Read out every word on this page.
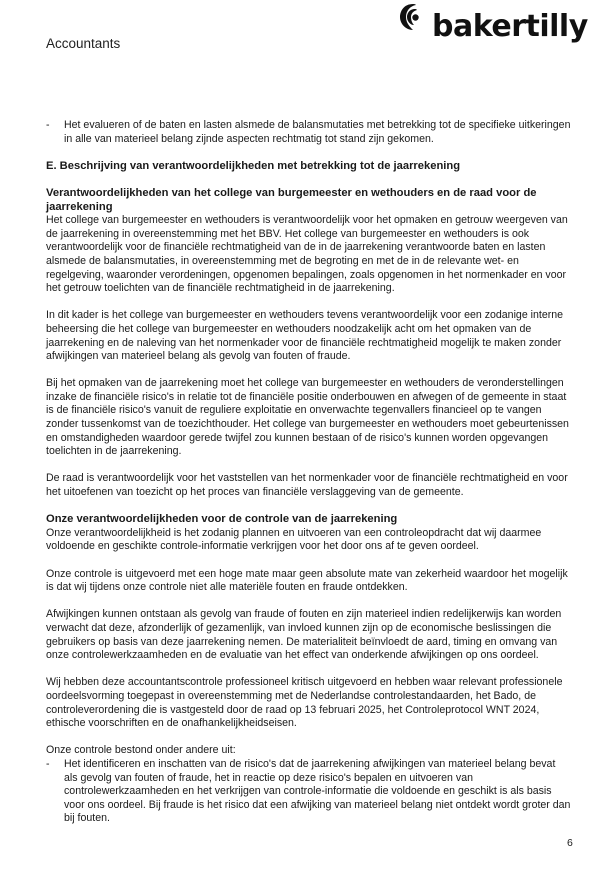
Accountants	bakertilly
-	Het evalueren of de baten en lasten alsmede de balansmutaties met betrekking tot de specifieke uitkeringen in alle van materieel belang zijnde aspecten rechtmatig tot stand zijn gekomen.

E. Beschrijving van verantwoordelijkheden met betrekking tot de jaarrekening

Verantwoordelijkheden van het college van burgemeester en wethouders en de raad voor de jaarrekening

Het college van burgemeester en wethouders is verantwoordelijk voor het opmaken en getrouw weergeven van de jaarrekening in overeenstemming met het BBV. Het college van burgemeester en wethouders is ook verantwoordelijk voor de financiële rechtmatigheid van de in de jaarrekening verantwoorde baten en lasten alsmede de balansmutaties, in overeenstemming met de begroting en met de in de relevante wet- en regelgeving, waaronder verordeningen, opgenomen bepalingen, zoals opgenomen in het normenkader en voor het getrouw toelichten van de financiële rechtmatigheid in de jaarrekening.

In dit kader is het college van burgemeester en wethouders tevens verantwoordelijk voor een zodanige interne beheersing die het college van burgemeester en wethouders noodzakelijk acht om het opmaken van de jaarrekening en de naleving van het normenkader voor de financiële rechtmatigheid mogelijk te maken zonder afwijkingen van materieel belang als gevolg van fouten of fraude.

Bij het opmaken van de jaarrekening moet het college van burgemeester en wethouders de veronderstellingen inzake de financiële risico's in relatie tot de financiële positie onderbouwen en afwegen of de gemeente in staat is de financiële risico's vanuit de reguliere exploitatie en onverwachte tegenvallers financieel op te vangen zonder tussenkomst van de toezichthouder. Het college van burgemeester en wethouders moet gebeurtenissen en omstandigheden waardoor gerede twijfel zou kunnen bestaan of de risico's kunnen worden opgevangen toelichten in de jaarrekening.

De raad is verantwoordelijk voor het vaststellen van het normenkader voor de financiële rechtmatigheid en voor het uitoefenen van toezicht op het proces van financiële verslaggeving van de gemeente.

Onze verantwoordelijkheden voor de controle van de jaarrekening

Onze verantwoordelijkheid is het zodanig plannen en uitvoeren van een controleopdracht dat wij daarmee voldoende en geschikte controle-informatie verkrijgen voor het door ons af te geven oordeel.

Onze controle is uitgevoerd met een hoge mate maar geen absolute mate van zekerheid waardoor het mogelijk is dat wij tijdens onze controle niet alle materiële fouten en fraude ontdekken.

Afwijkingen kunnen ontstaan als gevolg van fraude of fouten en zijn materieel indien redelijkerwijs kan worden verwacht dat deze, afzonderlijk of gezamenlijk, van invloed kunnen zijn op de economische beslissingen die gebruikers op basis van deze jaarrekening nemen. De materialiteit beïnvloedt de aard, timing en omvang van onze controlewerkzaamheden en de evaluatie van het effect van onderkende afwijkingen op ons oordeel.

Wij hebben deze accountantscontrole professioneel kritisch uitgevoerd en hebben waar relevant professionele oordeelsvorming toegepast in overeenstemming met de Nederlandse controlestandaarden, het Bado, de controleverordening die is vastgesteld door de raad op 13 februari 2025, het Controleprotocol WNT 2024, ethische voorschriften en de onafhankelijkheidseisen.

Onze controle bestond onder andere uit:

-	Het identificeren en inschatten van de risico's dat de jaarrekening afwijkingen van materieel belang bevat als gevolg van fouten of fraude, het in reactie op deze risico's bepalen en uitvoeren van controlewerkzaamheden en het verkrijgen van controle-informatie die voldoende en geschikt is als basis voor ons oordeel. Bij fraude is het risico dat een afwijking van materieel belang niet ontdekt wordt groter dan bij fouten.
6
